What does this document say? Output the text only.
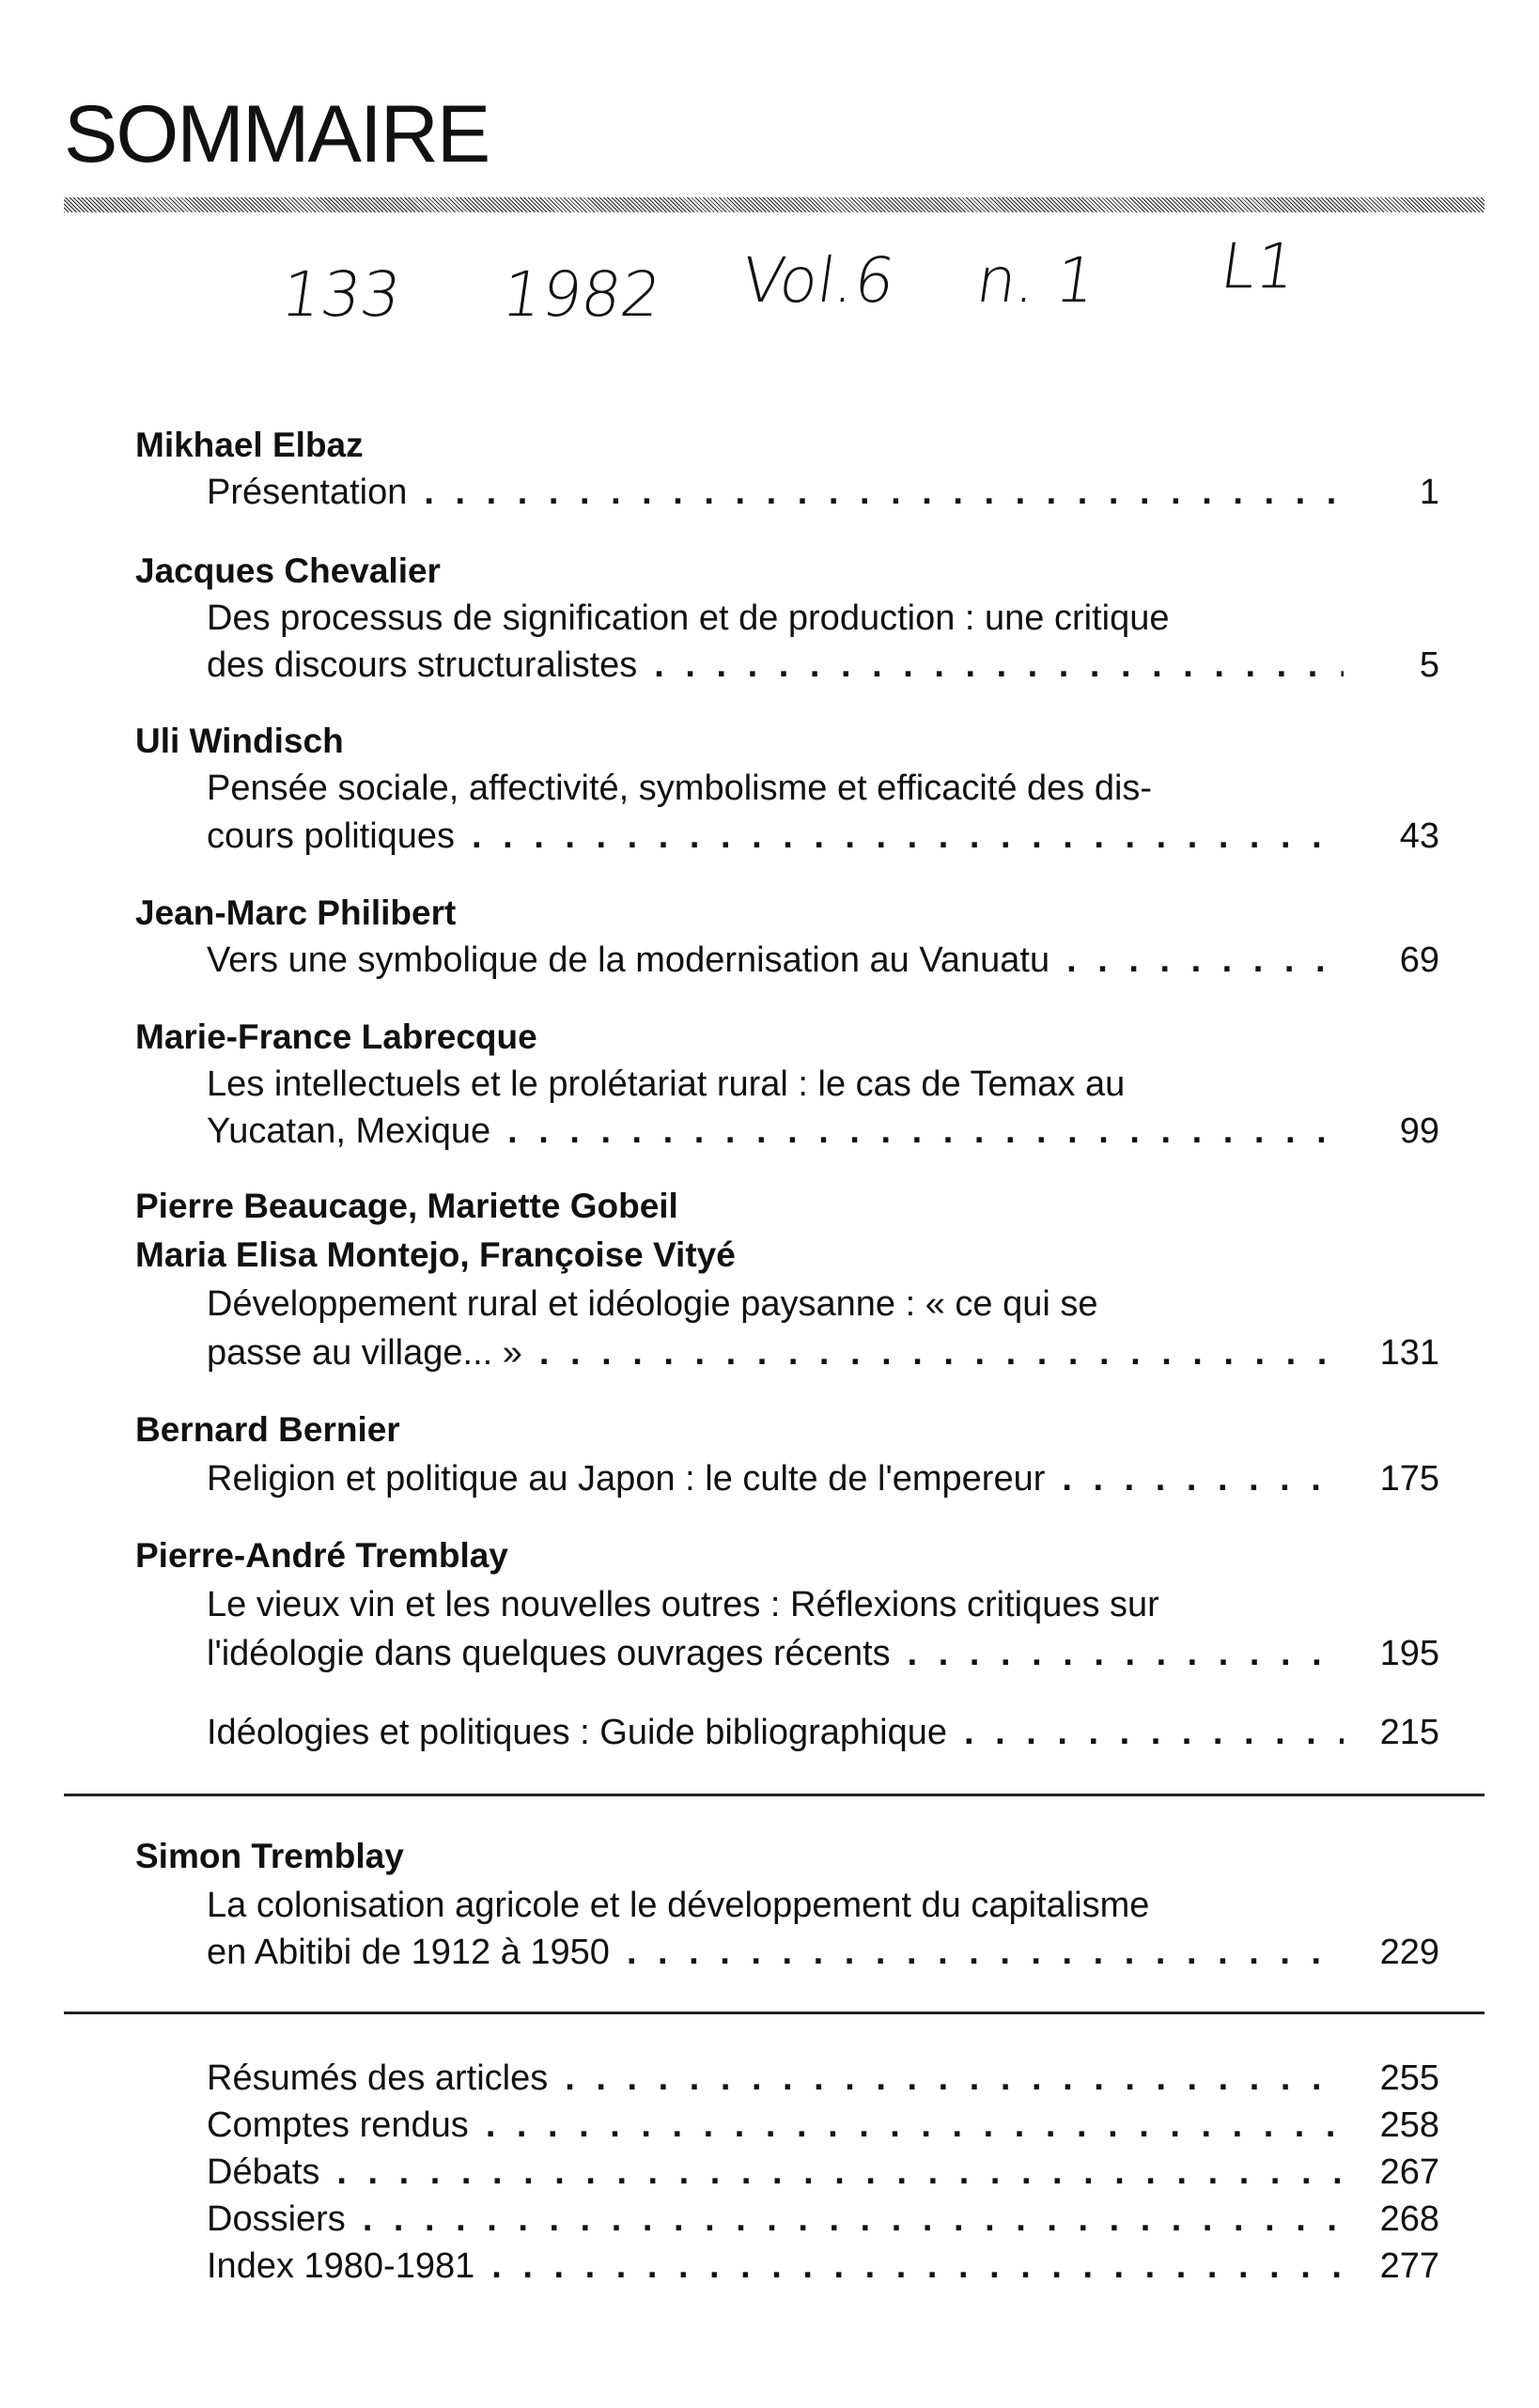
SOMMAIRE
133 1982 Vol.6 n. 1 L1
Mikhael Elbaz
Présentation . . .	1
Jacques Chevalier
Des processus de signification et de production : une critique
des discours structuralistes . . .	5
Uli Windisch
Pensée sociale, affectivité, symbolisme et efficacité des dis-
cours politiques . . .	43
Jean-Marc Philibert
Vers une symbolique de la modernisation au Vanuatu . . .	69
Marie-France Labrecque
Les intellectuels et le prolétariat rural : le cas de Temax au
Yucatan, Mexique . . .	99
Pierre Beaucage, Mariette Gobeil
Maria Elisa Montejo, Françoise Vityé
Développement rural et idéologie paysanne : « ce qui se
passe au village... » . . .	131
Bernard Bernier
Religion et politique au Japon : le culte de l'empereur . . .	175
Pierre-André Tremblay
Le vieux vin et les nouvelles outres : Réflexions critiques sur
l'idéologie dans quelques ouvrages récents . . .	195
Idéologies et politiques : Guide bibliographique . . .	215
Simon Tremblay
La colonisation agricole et le développement du capitalisme
en Abitibi de 1912 à 1950 . . .	229
Résumés des articles . . .	255
Comptes rendus . . .	258
Débats . . .	267
Dossiers . . .	268
Index 1980-1981 . . .	277
